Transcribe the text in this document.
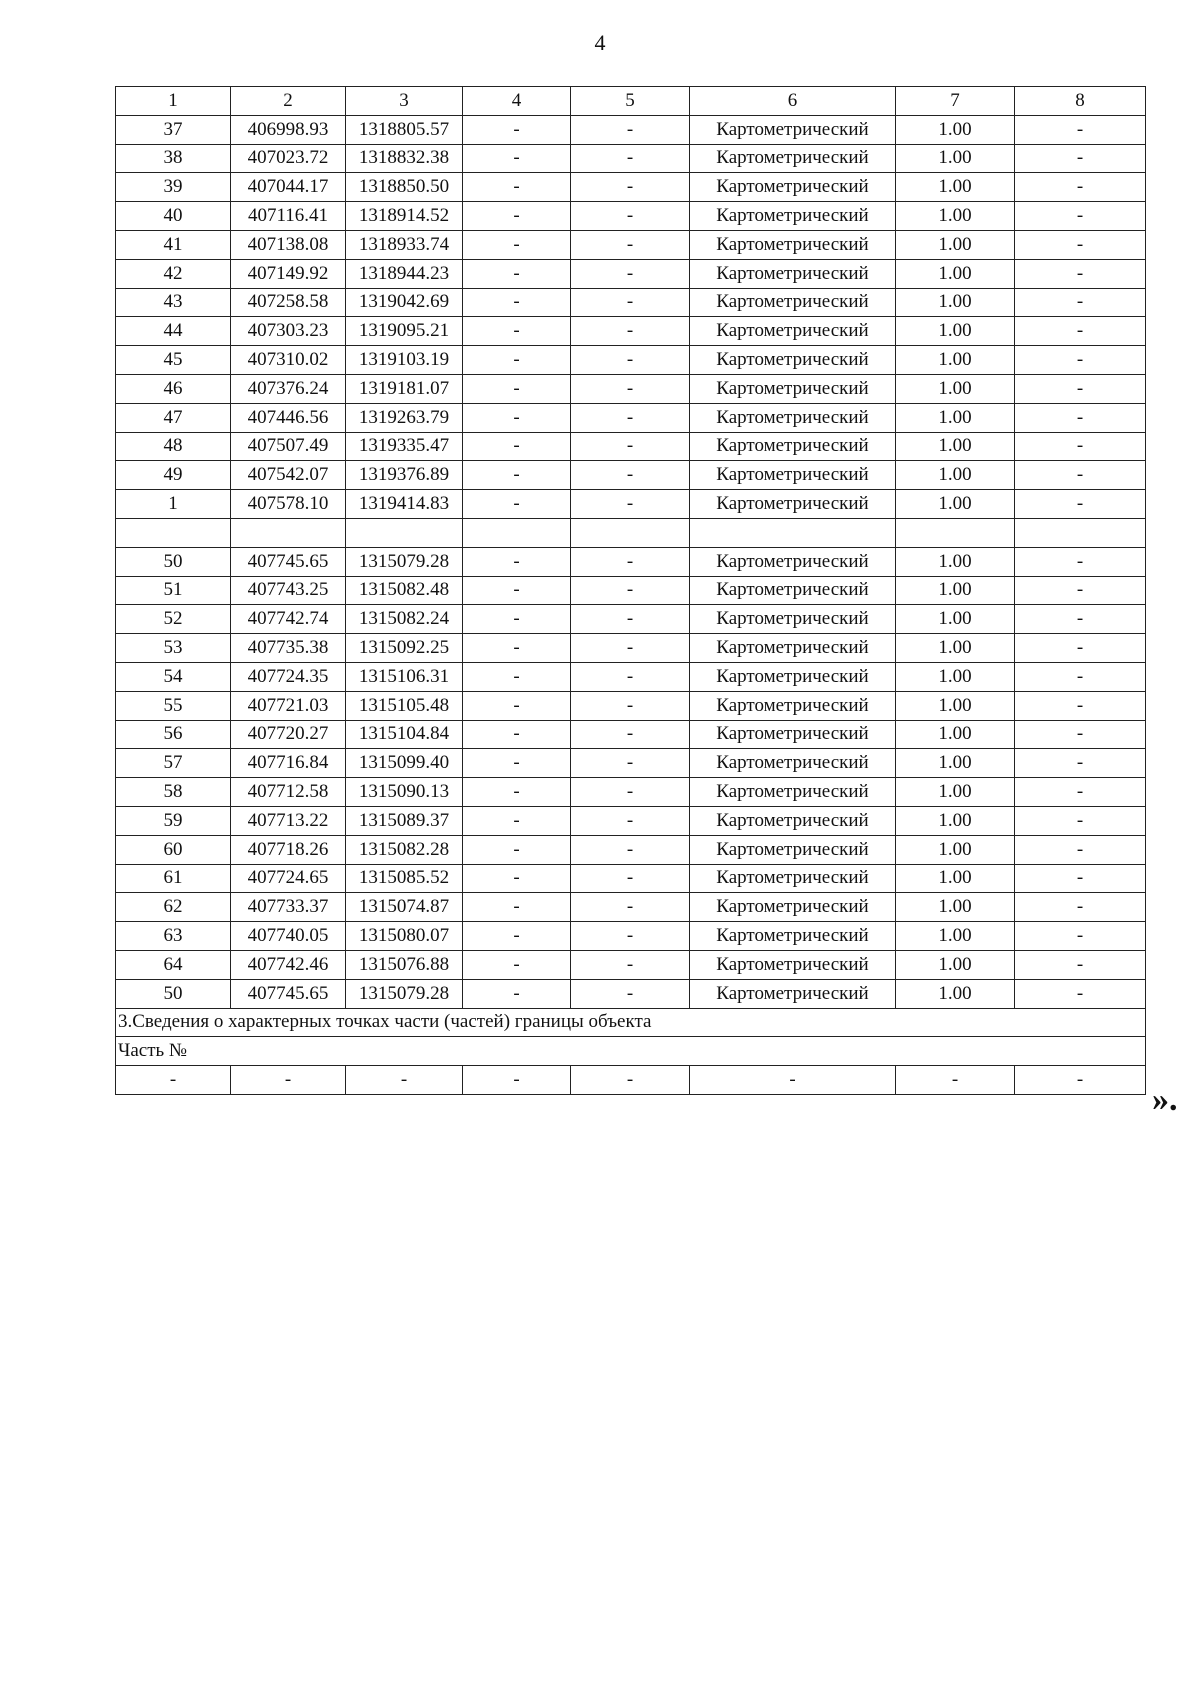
4
1	2	3	4	5	6	7	8
37	406998.93	1318805.57	-	-	Картометрический	1.00	-
38	407023.72	1318832.38	-	-	Картометрический	1.00	-
39	407044.17	1318850.50	-	-	Картометрический	1.00	-
40	407116.41	1318914.52	-	-	Картометрический	1.00	-
41	407138.08	1318933.74	-	-	Картометрический	1.00	-
42	407149.92	1318944.23	-	-	Картометрический	1.00	-
43	407258.58	1319042.69	-	-	Картометрический	1.00	-
44	407303.23	1319095.21	-	-	Картометрический	1.00	-
45	407310.02	1319103.19	-	-	Картометрический	1.00	-
46	407376.24	1319181.07	-	-	Картометрический	1.00	-
47	407446.56	1319263.79	-	-	Картометрический	1.00	-
48	407507.49	1319335.47	-	-	Картометрический	1.00	-
49	407542.07	1319376.89	-	-	Картометрический	1.00	-
1	407578.10	1319414.83	-	-	Картометрический	1.00	-

50	407745.65	1315079.28	-	-	Картометрический	1.00	-
51	407743.25	1315082.48	-	-	Картометрический	1.00	-
52	407742.74	1315082.24	-	-	Картометрический	1.00	-
53	407735.38	1315092.25	-	-	Картометрический	1.00	-
54	407724.35	1315106.31	-	-	Картометрический	1.00	-
55	407721.03	1315105.48	-	-	Картометрический	1.00	-
56	407720.27	1315104.84	-	-	Картометрический	1.00	-
57	407716.84	1315099.40	-	-	Картометрический	1.00	-
58	407712.58	1315090.13	-	-	Картометрический	1.00	-
59	407713.22	1315089.37	-	-	Картометрический	1.00	-
60	407718.26	1315082.28	-	-	Картометрический	1.00	-
61	407724.65	1315085.52	-	-	Картометрический	1.00	-
62	407733.37	1315074.87	-	-	Картометрический	1.00	-
63	407740.05	1315080.07	-	-	Картометрический	1.00	-
64	407742.46	1315076.88	-	-	Картометрический	1.00	-
50	407745.65	1315079.28	-	-	Картометрический	1.00	-
3.Сведения о характерных точках части (частей) границы объекта							
Часть №							
-	-	-	-	-	-	-	-
».
